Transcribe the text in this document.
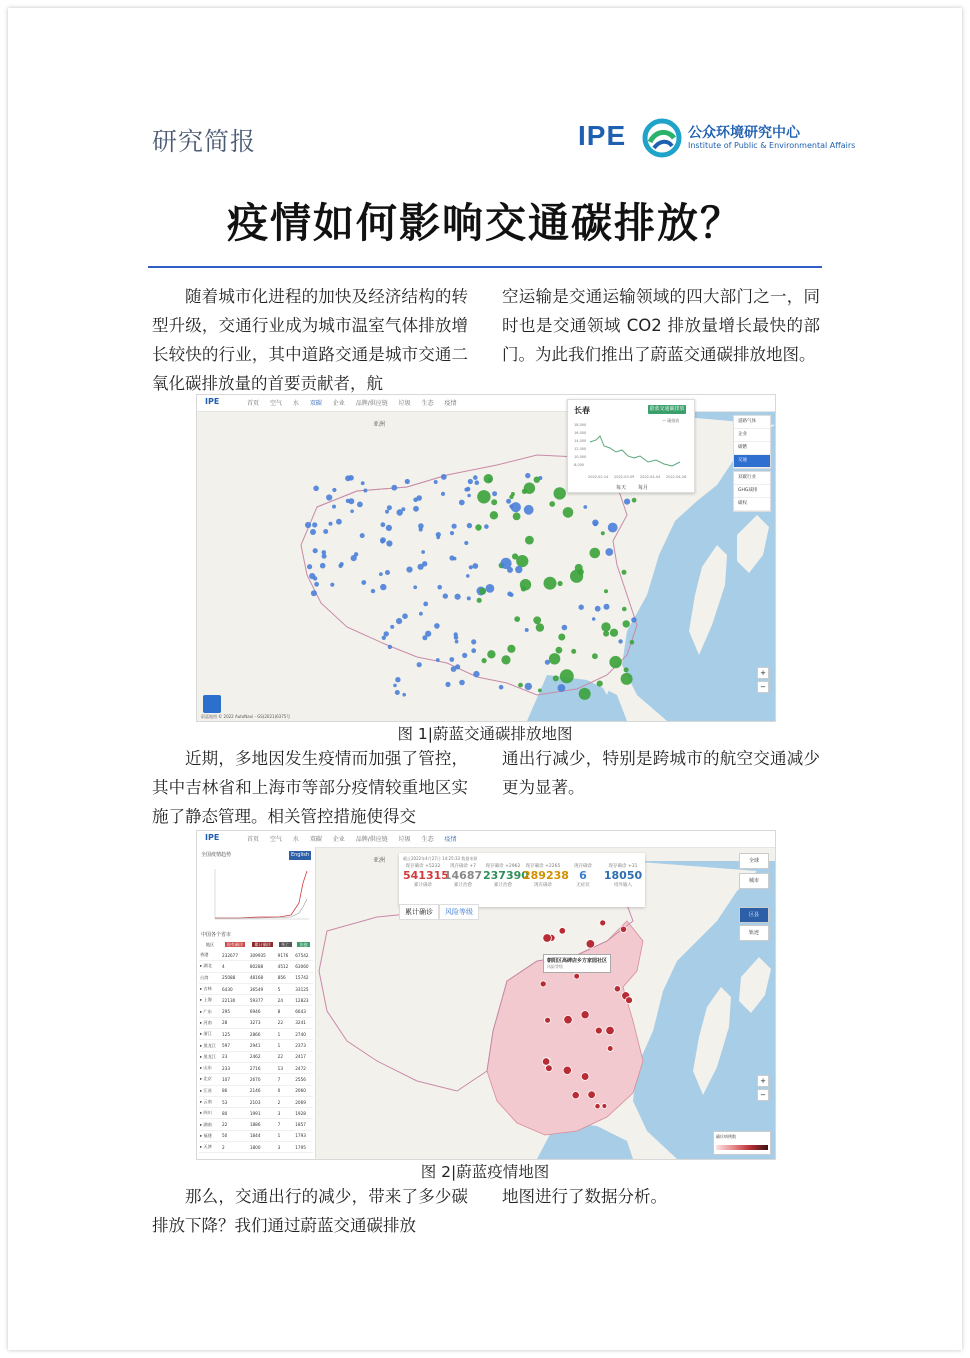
研究简报	IPE	公众环境研究中心
Institute of Public & Environmental Affairs
疫情如何影响交通碳排放？
随着城市化进程的加快及经济结构的转型升级，交通行业成为城市温室气体排放增长较快的行业，其中道路交通是城市交通二氧化碳排放量的首要贡献者，航
空运输是交通运输领域的四大部门之一，同时也是交通领域 CO2 排放量增长最快的部门。为此我们推出了蔚蓝交通碳排放地图。
IPE	首页 空气 水 双碳 企业 品牌/供应链 垃圾 生态 疫情
亚洲
长春	蔚蓝交通碳排放
— 碳排放
18,000
16,000
14,000
12,000
10,000
8,000
2022-02-14 2022-03-09 2022-04-04 2022-04-28
每天 每月
道路气体
企业
碳燃
交通
双碳行业
GHG减排
碳权
+
−
蔚蓝地图 © 2022 AutoNavi - GS(2021)6375号
图 1|蔚蓝交通碳排放地图
近期，多地因发生疫情而加强了管控，其中吉林省和上海市等部分疫情较重地区实施了静态管理。相关管控措施使得交
通出行减少，特别是跨城市的航空交通减少更为显著。
IPE	首页 空气 水 双碳 企业 品牌/供应链 垃圾 生态 疫情
全国疫情趋势	English
中国各个省市
地区	现有确诊	累计确诊	死亡	治愈
香港	232677	309935	9176	67542
▸ 湖北	4	80288	4512	63060
台湾	25088	48168	856	15742
▸ 吉林	6430	36549	5	33125
▸ 上海	22130	59377	24	12823
▸ 广东	295	6946	8	6643
▸ 河南	28	3273	22	3241
▸ 浙江	125	2866	1	2740
▸ 黑龙江	597	2941	1	2373
▸ 黑龙江	23	2462	22	2417
▸ 山东	233	2716	13	2472
▸ 北京	107	2670	7	2556
▸ 江苏	86	2146	0	2060
▸ 云南	53	2103	2	2069
▸ 四川	80	1991	3	1928
▸ 湖南	22	1886	7	1857
▸ 福建	50	1844	1	1793
▸ 天津	2	1800	3	1795
亚洲	截止2022年4月27日 14:25:33 数据来源
现存确诊 +5232
541315
累计确诊
现存确诊 +7
14687
累计治愈
现存确诊 +2962
237390
累计治愈
现存确诊 +2265
289238
现有确诊
现存确诊
6
无症状
现存确诊 +31
18050
境外输入
累计确诊 风险等级
朝阳区高碑店乡方家园社区
风险等级
全球
城市
区县
轨迹
+
−
确诊病例数
图 2|蔚蓝疫情地图
那么，交通出行的减少，带来了多少碳排放下降？我们通过蔚蓝交通碳排放
地图进行了数据分析。
